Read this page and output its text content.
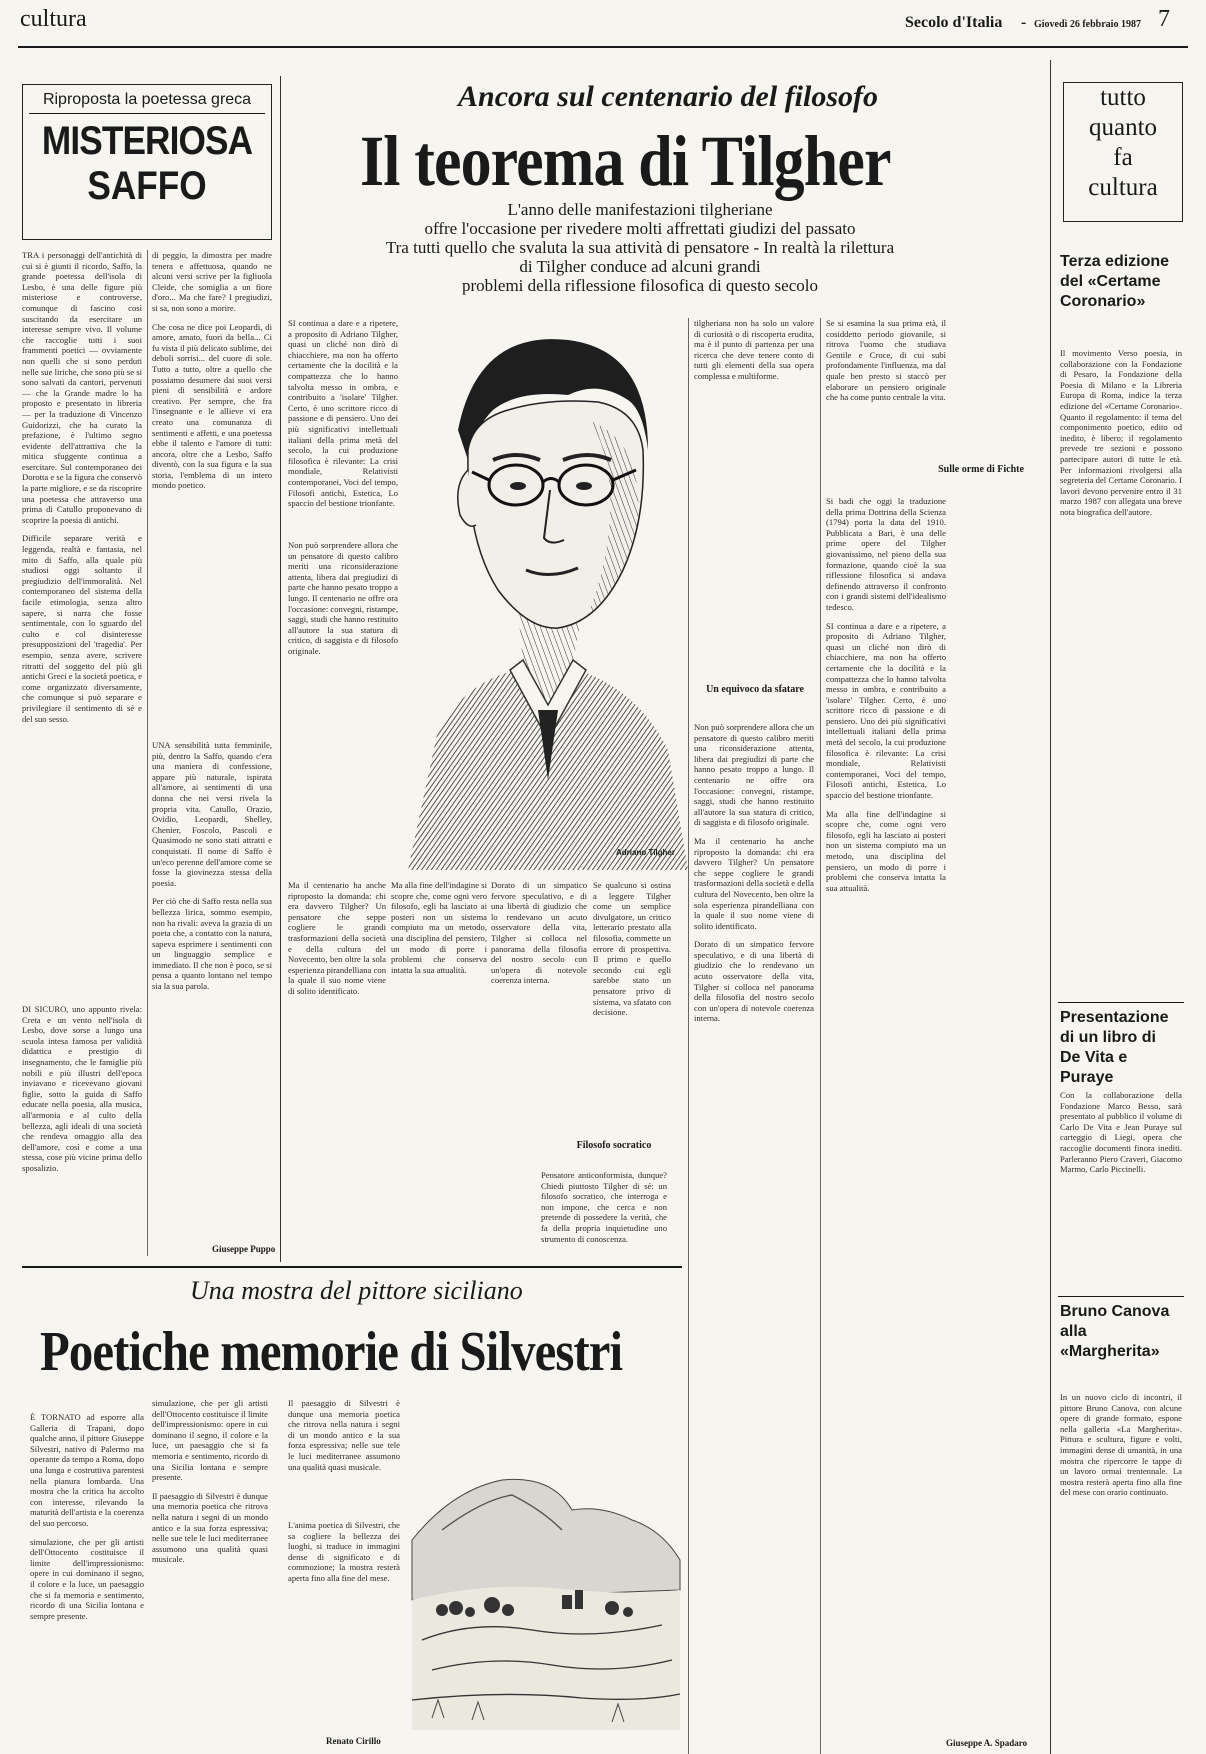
cultura	Secolo d'Italia	Giovedì 26 febbraio 1987 7
-
Riproposta la poetessa greca
MISTERIOSA
SAFFO

TRA i personaggi dell'antichità di cui si è giunti il ricordo, Saffo, la grande poetessa dell'isola di Lesbo, è una delle figure più misteriose e controverse, comunque di fascino così suscitando da esercitare un interesse sempre vivo. Il volume che raccoglie tutti i suoi frammenti poetici — ovviamente non quelli che si sono perduti nelle sue liriche, che sono più se si sono salvati da cantori, pervenuti — che la Grande madre lo ha proposto e presentato in libreria — per la traduzione di Vincenzo Guidorizzi, che ha curato la prefazione, è l'ultimo segno evidente dell'attrattiva che la mitica sfuggente continua a esercitare. Sul contemporaneo dei Dorotta e se la figura che conservò la parte migliore, e se da riscoprire una poetessa che attraverso una prima di Catullo proponevano di scoprire la poesia di antichi.

Difficile separare verità e leggenda, realtà e fantasia, nel mito di Saffo, alla quale più studiosi oggi soltanto il pregiudizio dell'immoralità. Nel contemporaneo del sistema della facile etimologia, senza altro sapere, si narra che fosse sentimentale, con lo sguardo del culto e col disinteresse presupposizioni del 'tragedia'. Per esempio, senza avere, scrivere ritratti del soggetto del più gli antichi Greci e la società poetica, e come organizzato diversamente, che comunque si può separare e privilegiare il sentimento di sé e del suo sesso.

DI SICURO, uno appunto rivela: Creta e un vento nell'isola di Lesbo, dove sorse a lungo una scuola intesa famosa per validità didattica e prestigio di insegnamento, che le famiglie più nobili e più illustri dell'epoca inviavano e ricevevano giovani figlie, sotto la guida di Saffo educate nella poesia, alla musica, all'armonia e al culto della bellezza, agli ideali di una società che rendeva omaggio alla dea dell'amore, così e come a una stessa, cose più vicine prima dello sposalizio.

di peggio, la dimostra per madre tenera e affettuosa, quando ne alcuni versi scrive per la figliuola Cleide, che somiglia a un fiore d'oro... Ma che fare? I pregiudizi, si sa, non sono a morire.

Che cosa ne dice poi Leopardi, di amore, amato, fuori da bella... Ci fu vista il più delicato sublime, dei deboli sorrisi... del cuore di sole. Tutto a tutto, oltre a quello che possiamo desumere dai suoi versi pieni di sensibilità e ardore creativo. Per sempre, che fra l'insegnante e le allieve vi era creato una comunanza di sentimenti e affetti, e una poetessa ebbe il talento e l'amore di tutti: ancora, oltre che a Lesbo, Saffo diventò, con la sua figura e la sua storia, l'emblema di un intero mondo poetico.

UNA sensibilità tutta femminile, più, dentro la Saffo, quando c'era una maniera di confessione, appare più naturale, ispirata all'amore, ai sentimenti di una donna che nei versi rivela la propria vita. Catullo, Orazio, Ovidio, Leopardi, Shelley, Chenier, Foscolo, Pascoli e Quasimodo ne sono stati attratti e conquistati. Il nome di Saffo è un'eco perenne dell'amore come se fosse la giovinezza stessa della poesia.

Per ciò che di Saffo resta nella sua bellezza lirica, sommo esempio, non ha rivali: aveva la grazia di un poeta che, a contatto con la natura, sapeva esprimere i sentimenti con un linguaggio semplice e immediato. Il che non è poco, se si pensa a quanto lontano nel tempo sia la sua parola.

Giuseppe Puppo
Ancora sul centenario del filosofo
Il teorema di Tilgher
L'anno delle manifestazioni tilgheriane
offre l'occasione per rivedere molti affrettati giudizi del passato
Tra tutti quello che svaluta la sua attività di pensatore - In realtà la rilettura
di Tilgher conduce ad alcuni grandi
problemi della riflessione filosofica di questo secolo
Adriano Tilgher

SI continua a dare e a ripetere, a proposito di Adriano Tilgher, quasi un cliché non dirò di chiacchiere, ma non ha offerto certamente che la docilità e la compattezza che lo hanno talvolta messo in ombra, e contribuito a 'isolare' Tilgher. Certo, è uno scrittore ricco di passione e di pensiero. Uno dei più significativi intellettuali italiani della prima metà del secolo, la cui produzione filosofica è rilevante: La crisi mondiale, Relativisti contemporanei, Voci del tempo, Filosofi antichi, Estetica, Lo spaccio del bestione trionfante.

Non può sorprendere allora che un pensatore di questo calibro meriti una riconsiderazione attenta, libera dai pregiudizi di parte che hanno pesato troppo a lungo. Il centenario ne offre ora l'occasione: convegni, ristampe, saggi, studi che hanno restituito all'autore la sua statura di critico, di saggista e di filosofo originale.

Ma il centenario ha anche riproposto la domanda: chi era davvero Tilgher? Un pensatore che seppe cogliere le grandi trasformazioni della società e della cultura del Novecento, ben oltre la sola esperienza pirandelliana con la quale il suo nome viene di solito identificato.

Ma alla fine dell'indagine si scopre che, come ogni vero filosofo, egli ha lasciato ai posteri non un sistema compiuto ma un metodo, una disciplina del pensiero, un modo di porre i problemi che conserva intatta la sua attualità.

Dorato di un simpatico fervore speculativo, e di una libertà di giudizio che lo rendevano un acuto osservatore della vita, Tilgher si colloca nel panorama della filosofia del nostro secolo con un'opera di notevole coerenza interna.

Se qualcuno si ostina a leggere Tilgher come un semplice divulgatore, un critico letterario prestato alla filosofia, commette un errore di prospettiva. Il primo e quello secondo cui egli sarebbe stato un pensatore privo di sistema, va sfatato con decisione.

Filosofo socratico

Pensatore anticonformista, dunque? Chiedi piuttosto Tilgher di sé: un filosofo socratico, che interroga e non impone, che cerca e non pretende di possedere la verità, che fa della propria inquietudine uno strumento di conoscenza.

tilgheriana non ha solo un valore di curiosità o di riscoperta erudita, ma è il punto di partenza per una ricerca che deve tenere conto di tutti gli elementi della sua opera complessa e multiforme.

Un equivoco da sfatare

Non può sorprendere allora che un pensatore di questo calibro meriti una riconsiderazione attenta, libera dai pregiudizi di parte che hanno pesato troppo a lungo. Il centenario ne offre ora l'occasione: convegni, ristampe, saggi, studi che hanno restituito all'autore la sua statura di critico, di saggista e di filosofo originale.

Ma il centenario ha anche riproposto la domanda: chi era davvero Tilgher? Un pensatore che seppe cogliere le grandi trasformazioni della società e della cultura del Novecento, ben oltre la sola esperienza pirandelliana con la quale il suo nome viene di solito identificato.

Dorato di un simpatico fervore speculativo, e di una libertà di giudizio che lo rendevano un acuto osservatore della vita, Tilgher si colloca nel panorama della filosofia del nostro secolo con un'opera di notevole coerenza interna.

Se si esamina la sua prima età, il cosiddetto periodo giovanile, si ritrova l'uomo che studiava Gentile e Croce, di cui subì profondamente l'influenza, ma dal quale ben presto si staccò per elaborare un pensiero originale che ha come punto centrale la vita.

Sulle orme di Fichte

Si badi che oggi la traduzione della prima Dottrina della Scienza (1794) porta la data del 1910. Pubblicata a Bari, è una delle prime opere del Tilgher giovanissimo, nel pieno della sua formazione, quando cioè la sua riflessione filosofica si andava definendo attraverso il confronto con i grandi sistemi dell'idealismo tedesco.

SI continua a dare e a ripetere, a proposito di Adriano Tilgher, quasi un cliché non dirò di chiacchiere, ma non ha offerto certamente che la docilità e la compattezza che lo hanno talvolta messo in ombra, e contribuito a 'isolare' Tilgher. Certo, è uno scrittore ricco di passione e di pensiero. Uno dei più significativi intellettuali italiani della prima metà del secolo, la cui produzione filosofica è rilevante: La crisi mondiale, Relativisti contemporanei, Voci del tempo, Filosofi antichi, Estetica, Lo spaccio del bestione trionfante.

Ma alla fine dell'indagine si scopre che, come ogni vero filosofo, egli ha lasciato ai posteri non un sistema compiuto ma un metodo, una disciplina del pensiero, un modo di porre i problemi che conserva intatta la sua attualità.

Giuseppe A. Spadaro
Una mostra del pittore siciliano
Poetiche memorie di Silvestri

È TORNATO ad esporre alla Galleria di Trapani, dopo qualche anno, il pittore Giuseppe Silvestri, nativo di Palermo ma operante da tempo a Roma, dopo una lunga e costruttiva parentesi nella pianura lombarda. Una mostra che la critica ha accolto con interesse, rilevando la maturità dell'artista e la coerenza del suo percorso.

simulazione, che per gli artisti dell'Ottocento costituisce il limite dell'impressionismo: opere in cui dominano il segno, il colore e la luce, un paesaggio che si fa memoria e sentimento, ricordo di una Sicilia lontana e sempre presente.

simulazione, che per gli artisti dell'Ottocento costituisce il limite dell'impressionismo: opere in cui dominano il segno, il colore e la luce, un paesaggio che si fa memoria e sentimento, ricordo di una Sicilia lontana e sempre presente.

Il paesaggio di Silvestri è dunque una memoria poetica che ritrova nella natura i segni di un mondo antico e la sua forza espressiva; nelle sue tele le luci mediterranee assumono una qualità quasi musicale.

Il paesaggio di Silvestri è dunque una memoria poetica che ritrova nella natura i segni di un mondo antico e la sua forza espressiva; nelle sue tele le luci mediterranee assumono una qualità quasi musicale.

L'anima poetica di Silvestri, che sa cogliere la bellezza dei luoghi, si traduce in immagini dense di significato e di commozione; la mostra resterà aperta fino alla fine del mese.

Renato Cirillo
tutto
quanto
fa
cultura
Terza edizione del «Certame Coronario»

Il movimento Verso poesia, in collaborazione con la Fondazione di Pesaro, la Fondazione della Poesia di Milano e la Libreria Europa di Roma, indice la terza edizione del «Certame Coronario». Quanto il regolamento: il tema del componimento poetico, edito od inedito, è libero; il regolamento prevede tre sezioni e possono partecipare autori di tutte le età. Per informazioni rivolgersi alla segreteria del Certame Coronario. I lavori devono pervenire entro il 31 marzo 1987 con allegata una breve nota biografica dell'autore.

Presentazione di un libro di De Vita e Puraye

Con la collaborazione della Fondazione Marco Besso, sarà presentato al pubblico il volume di Carlo De Vita e Jean Puraye sul carteggio di Liegi, opera che raccoglie documenti finora inediti. Parleranno Piero Craveri, Giacomo Marmo, Carlo Piccinelli.

Bruno Canova alla «Margherita»

In un nuovo ciclo di incontri, il pittore Bruno Canova, con alcune opere di grande formato, espone nella galleria «La Margherita». Pittura e scultura, figure e volti, immagini dense di umanità, in una mostra che ripercorre le tappe di un lavoro ormai trentennale. La mostra resterà aperta fino alla fine del mese con orario continuato.
